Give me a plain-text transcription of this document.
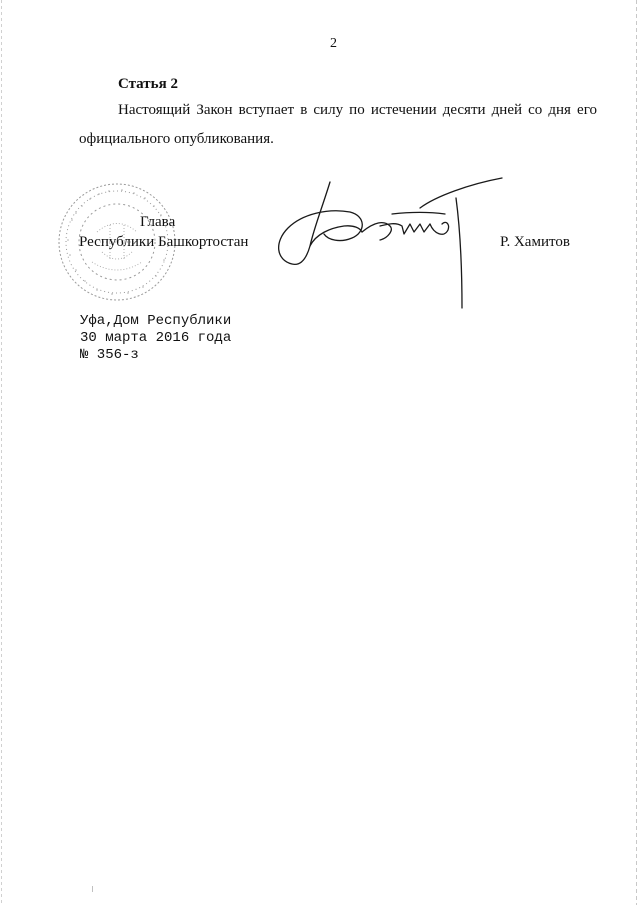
2
Статья 2
Настоящий Закон вступает в силу по истечении десяти дней со дня его
официального опубликования.
Глава
Республики Башкортостан	Р. Хамитов
Уфа,Дом Республики
30 марта 2016 года
№ 356-з
